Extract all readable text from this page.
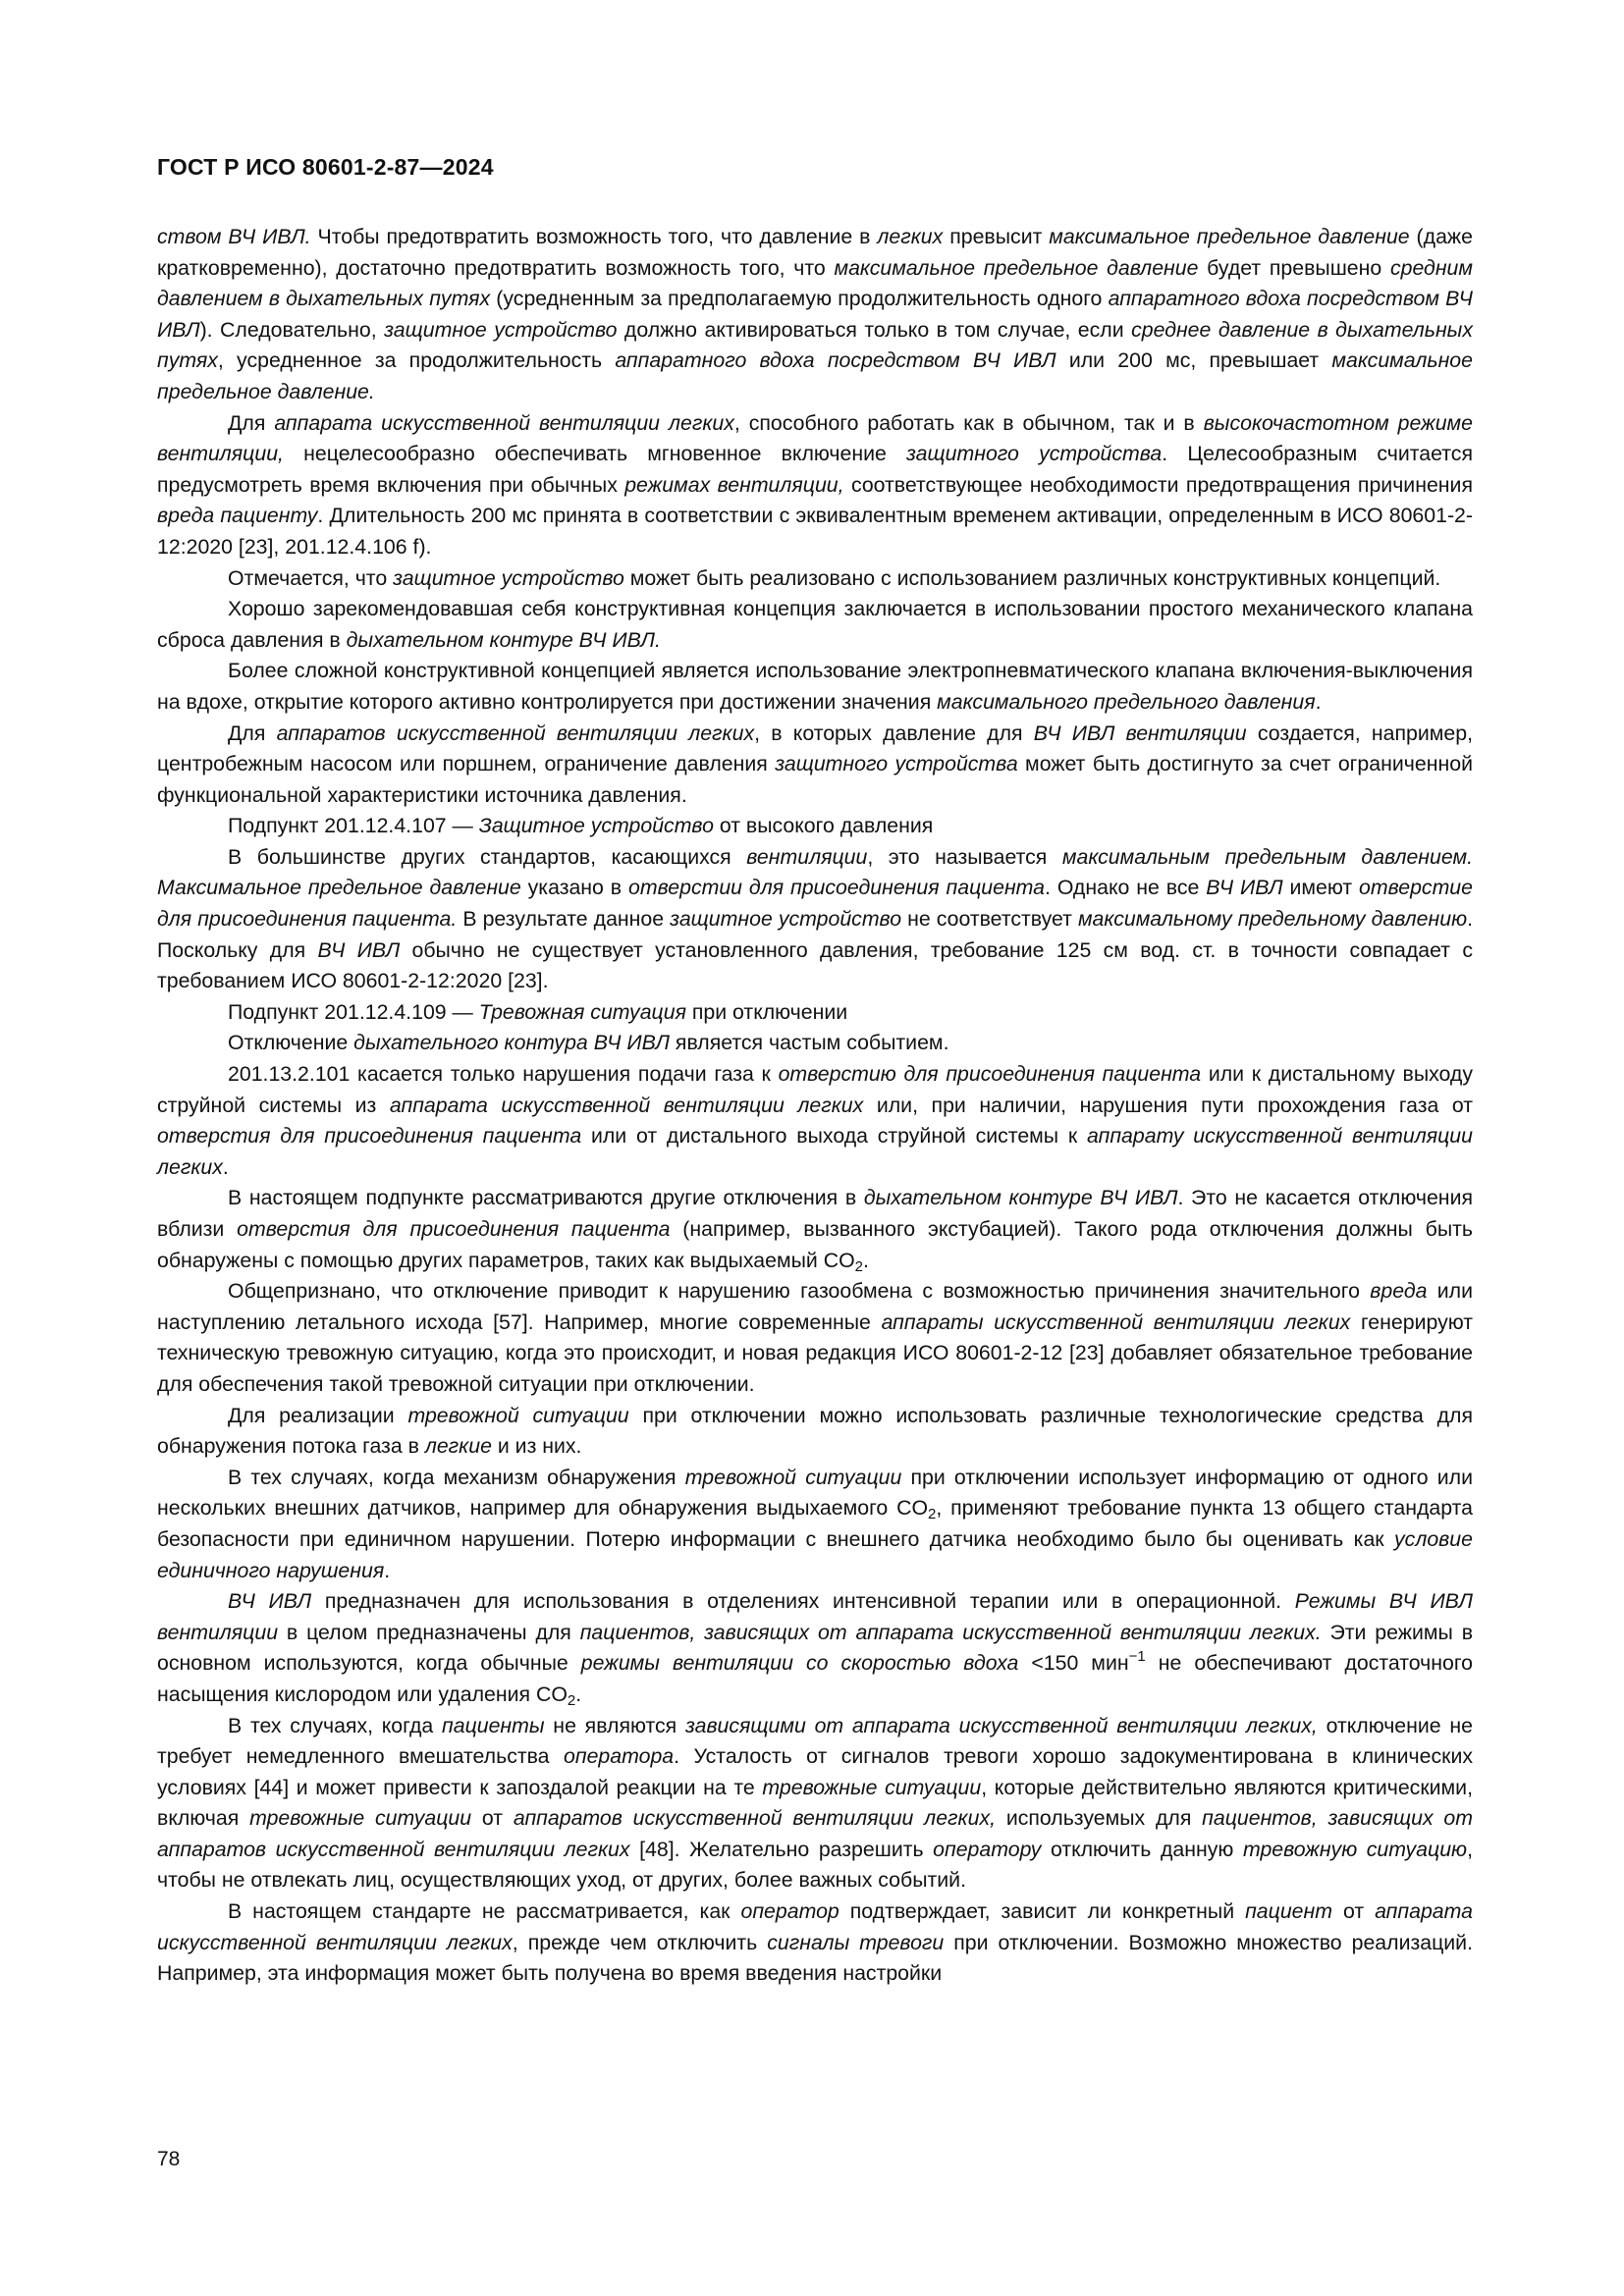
ГОСТ Р ИСО 80601-2-87—2024

ством ВЧ ИВЛ. Чтобы предотвратить возможность того, что давление в легких превысит максимальное предельное давление (даже кратковременно), достаточно предотвратить возможность того, что максимальное предельное давление будет превышено средним давлением в дыхательных путях (усредненным за предполагаемую продолжительность одного аппаратного вдоха посредством ВЧ ИВЛ). Следовательно, защитное устройство должно активироваться только в том случае, если среднее давление в дыхательных путях, усредненное за продолжительность аппаратного вдоха посредством ВЧ ИВЛ или 200 мс, превышает максимальное предельное давление.

Для аппарата искусственной вентиляции легких, способного работать как в обычном, так и в высокочастотном режиме вентиляции, нецелесообразно обеспечивать мгновенное включение защитного устройства. Целесообразным считается предусмотреть время включения при обычных режимах вентиляции, соответствующее необходимости предотвращения причинения вреда пациенту. Длительность 200 мс принята в соответствии с эквивалентным временем активации, определенным в ИСО 80601-2-12:2020 [23], 201.12.4.106 f).

Отмечается, что защитное устройство может быть реализовано с использованием различных конструктивных концепций.

Хорошо зарекомендовавшая себя конструктивная концепция заключается в использовании простого механического клапана сброса давления в дыхательном контуре ВЧ ИВЛ.

Более сложной конструктивной концепцией является использование электропневматического клапана включения-выключения на вдохе, открытие которого активно контролируется при достижении значения максимального предельного давления.

Для аппаратов искусственной вентиляции легких, в которых давление для ВЧ ИВЛ вентиляции создается, например, центробежным насосом или поршнем, ограничение давления защитного устройства может быть достигнуто за счет ограниченной функциональной характеристики источника давления.

Подпункт 201.12.4.107 — Защитное устройство от высокого давления

В большинстве других стандартов, касающихся вентиляции, это называется максимальным предельным давлением. Максимальное предельное давление указано в отверстии для присоединения пациента. Однако не все ВЧ ИВЛ имеют отверстие для присоединения пациента. В результате данное защитное устройство не соответствует максимальному предельному давлению. Поскольку для ВЧ ИВЛ обычно не существует установленного давления, требование 125 см вод. ст. в точности совпадает с требованием ИСО 80601-2-12:2020 [23].

Подпункт 201.12.4.109 — Тревожная ситуация при отключении

Отключение дыхательного контура ВЧ ИВЛ является частым событием.

201.13.2.101 касается только нарушения подачи газа к отверстию для присоединения пациента или к дистальному выходу струйной системы из аппарата искусственной вентиляции легких или, при наличии, нарушения пути прохождения газа от отверстия для присоединения пациента или от дистального выхода струйной системы к аппарату искусственной вентиляции легких.

В настоящем подпункте рассматриваются другие отключения в дыхательном контуре ВЧ ИВЛ. Это не касается отключения вблизи отверстия для присоединения пациента (например, вызванного экстубацией). Такого рода отключения должны быть обнаружены с помощью других параметров, таких как выдыхаемый $CO_2$.

Общепризнано, что отключение приводит к нарушению газообмена с возможностью причинения значительного вреда или наступлению летального исхода [57]. Например, многие современные аппараты искусственной вентиляции легких генерируют техническую тревожную ситуацию, когда это происходит, и новая редакция ИСО 80601-2-12 [23] добавляет обязательное требование для обеспечения такой тревожной ситуации при отключении.

Для реализации тревожной ситуации при отключении можно использовать различные технологические средства для обнаружения потока газа в легкие и из них.

В тех случаях, когда механизм обнаружения тревожной ситуации при отключении использует информацию от одного или нескольких внешних датчиков, например для обнаружения выдыхаемого $CO_2$, применяют требование пункта 13 общего стандарта безопасности при единичном нарушении. Потерю информации с внешнего датчика необходимо было бы оценивать как условие единичного нарушения.

ВЧ ИВЛ предназначен для использования в отделениях интенсивной терапии или в операционной. Режимы ВЧ ИВЛ вентиляции в целом предназначены для пациентов, зависящих от аппарата искусственной вентиляции легких. Эти режимы в основном используются, когда обычные режимы вентиляции со скоростью вдоха <150 мин$^{-1}$ не обеспечивают достаточного насыщения кислородом или удаления $CO_2$.

В тех случаях, когда пациенты не являются зависящими от аппарата искусственной вентиляции легких, отключение не требует немедленного вмешательства оператора. Усталость от сигналов тревоги хорошо задокументирована в клинических условиях [44] и может привести к запоздалой реакции на те тревожные ситуации, которые действительно являются критическими, включая тревожные ситуации от аппаратов искусственной вентиляции легких, используемых для пациентов, зависящих от аппаратов искусственной вентиляции легких [48]. Желательно разрешить оператору отключить данную тревожную ситуацию, чтобы не отвлекать лиц, осуществляющих уход, от других, более важных событий.

В настоящем стандарте не рассматривается, как оператор подтверждает, зависит ли конкретный пациент от аппарата искусственной вентиляции легких, прежде чем отключить сигналы тревоги при отключении. Возможно множество реализаций. Например, эта информация может быть получена во время введения настройки

78
